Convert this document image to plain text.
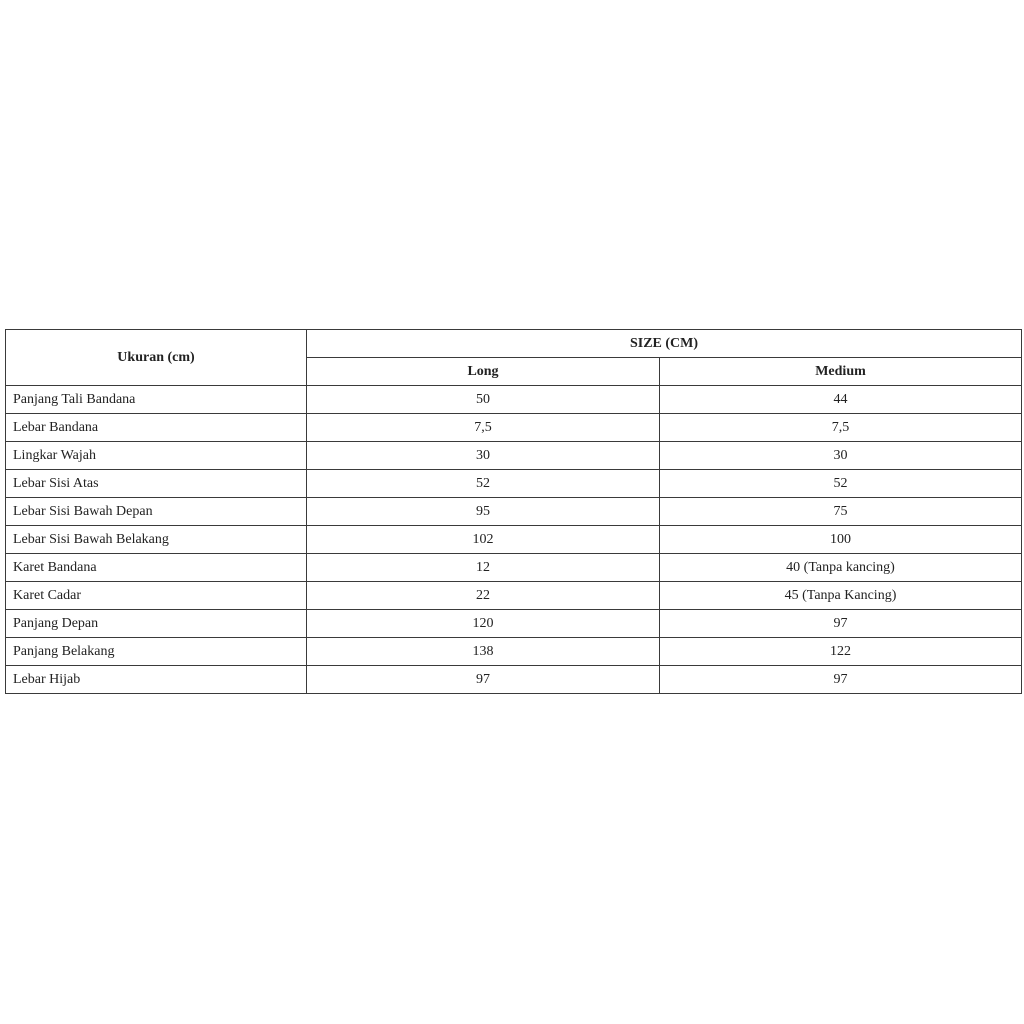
Ukuran (cm)	SIZE (CM)	
	Long	Medium
Panjang Tali Bandana	50	44
Lebar Bandana	7,5	7,5
Lingkar Wajah	30	30
Lebar Sisi Atas	52	52
Lebar Sisi Bawah Depan	95	75
Lebar Sisi Bawah Belakang	102	100
Karet Bandana	12	40 (Tanpa kancing)
Karet Cadar	22	45 (Tanpa Kancing)
Panjang Depan	120	97
Panjang Belakang	138	122
Lebar Hijab	97	97
